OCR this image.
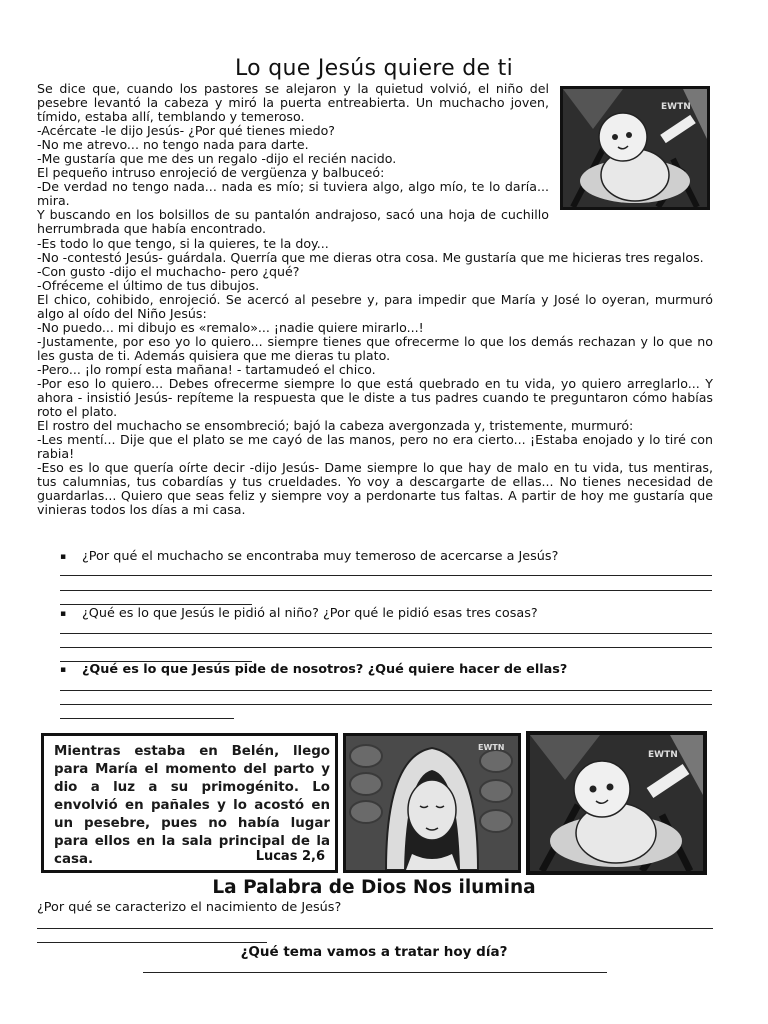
Lo que Jesús quiere de ti

Se dice que, cuando los pastores se alejaron y la quietud volvió, el niño del pesebre levantó la cabeza y miró la puerta entreabierta. Un muchacho joven, tímido, estaba allí, temblando y temeroso.

-Acércate -le dijo Jesús- ¿Por qué tienes miedo?

-No me atrevo... no tengo nada para darte.

-Me gustaría que me des un regalo -dijo el recién nacido.

El pequeño intruso enrojeció de vergüenza y balbuceó:

-De verdad no tengo nada... nada es mío; si tuviera algo, algo mío, te lo daría... mira.

Y buscando en los bolsillos de su pantalón andrajoso, sacó una hoja de cuchillo herrumbrada que había encontrado.

-Es todo lo que tengo, si la quieres, te la doy...

-No -contestó Jesús- guárdala. Querría que me dieras otra cosa. Me gustaría que me hicieras tres regalos.

-Con gusto -dijo el muchacho- pero ¿qué?

-Ofréceme el último de tus dibujos.

El chico, cohibido, enrojeció. Se acercó al pesebre y, para impedir que María y José lo oyeran, murmuró algo al oído del Niño Jesús:

-No puedo... mi dibujo es «remalo»... ¡nadie quiere mirarlo...!

-Justamente, por eso yo lo quiero... siempre tienes que ofrecerme lo que los demás rechazan y lo que no les gusta de ti. Además quisiera que me dieras tu plato.

-Pero... ¡lo rompí esta mañana! - tartamudeó el chico.

-Por eso lo quiero... Debes ofrecerme siempre lo que está quebrado en tu vida, yo quiero arreglarlo... Y ahora - insistió Jesús- repíteme la respuesta que le diste a tus padres cuando te preguntaron cómo habías roto el plato.

El rostro del muchacho se ensombreció; bajó la cabeza avergonzada y, tristemente, murmuró:

-Les mentí... Dije que el plato se me cayó de las manos, pero no era cierto... ¡Estaba enojado y lo tiré con rabia!

-Eso es lo que quería oírte decir -dijo Jesús- Dame siempre lo que hay de malo en tu vida, tus mentiras, tus calumnias, tus cobardías y tus crueldades. Yo voy a descargarte de ellas... No tienes necesidad de guardarlas... Quiero que seas feliz y siempre voy a perdonarte tus faltas. A partir de hoy me gustaría que vinieras todos los días a mi casa.

EWTN
▪ ¿Por qué el muchacho se encontraba muy temeroso de acercarse a Jesús?
▪ ¿Qué es lo que Jesús le pidió al niño? ¿Por qué le pidió esas tres cosas?
▪ ¿Qué es lo que Jesús pide de nosotros? ¿Qué quiere hacer de ellas?
Mientras estaba en Belén, llego para María el momento del parto y dio a luz a su primogénito. Lo envolvió en pañales y lo acostó en un pesebre, pues no había lugar para ellos en la sala principal de la casa.	Lucas 2,6
EWTN
EWTN
La Palabra de Dios Nos ilumina
¿Por qué se caracterizo el nacimiento de Jesús?
¿Qué tema vamos a tratar hoy día?
